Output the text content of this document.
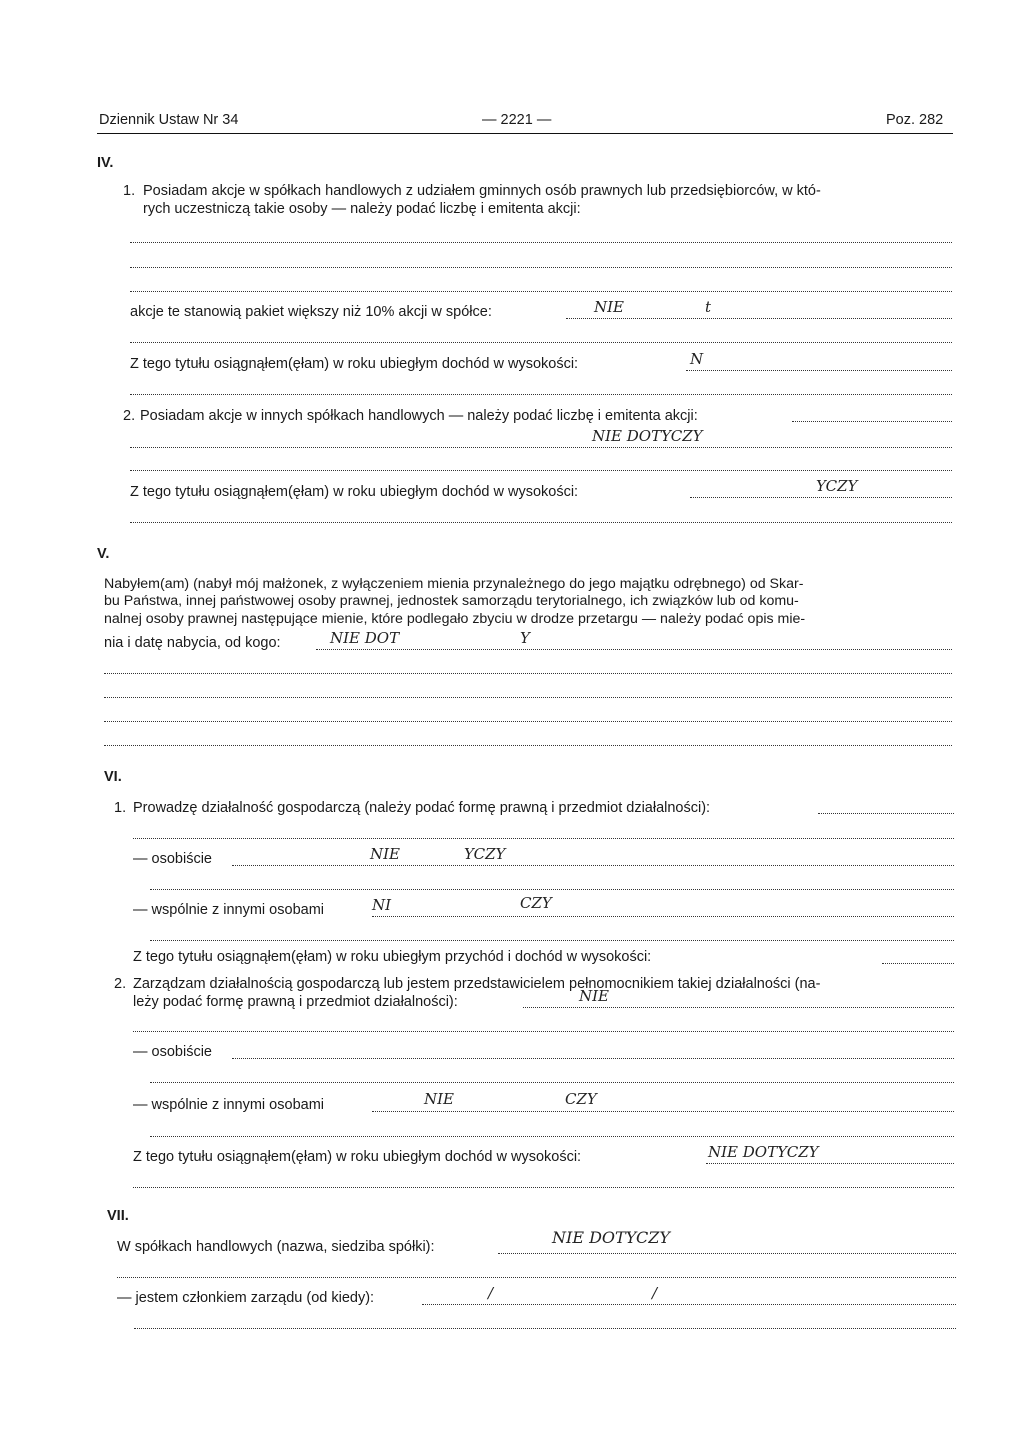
Dziennik Ustaw Nr 34	— 2221 —	Poz. 282
IV.
1. Posiadam akcje w spółkach handlowych z udziałem gminnych osób prawnych lub przedsiębiorców, w któ-
rych uczestniczą takie osoby — należy podać liczbę i emitenta akcji:
akcje te stanowią pakiet większy niż 10% akcji w spółce:	NIE	t
Z tego tytułu osiągnąłem(ęłam) w roku ubiegłym dochód w wysokości:	N
2. Posiadam akcje w innych spółkach handlowych — należy podać liczbę i emitenta akcji:
NIE DOTYCZY
Z tego tytułu osiągnąłem(ęłam) w roku ubiegłym dochód w wysokości:	YCZY
V.
Nabyłem(am) (nabył mój małżonek, z wyłączeniem mienia przynależnego do jego majątku odrębnego) od Skar-
bu Państwa, innej państwowej osoby prawnej, jednostek samorządu terytorialnego, ich związków lub od komu-
nalnej osoby prawnej następujące mienie, które podlegało zbyciu w drodze przetargu — należy podać opis mie-
nia i datę nabycia, od kogo:	NIE DOT	Y
VI.
1. Prowadzę działalność gospodarczą (należy podać formę prawną i przedmiot działalności):
— osobiście	NIE	YCZY
— wspólnie z innymi osobami	NI	CZY
Z tego tytułu osiągnąłem(ęłam) w roku ubiegłym przychód i dochód w wysokości:
2. Zarządzam działalnością gospodarczą lub jestem przedstawicielem pełnomocnikiem takiej działalności (na-
leży podać formę prawną i przedmiot działalności):	NIE
— osobiście
— wspólnie z innymi osobami	NIE	CZY
Z tego tytułu osiągnąłem(ęłam) w roku ubiegłym dochód w wysokości:	NIE DOTYCZY
VII.
W spółkach handlowych (nazwa, siedziba spółki):	NIE DOTYCZY
— jestem członkiem zarządu (od kiedy):	/	/
